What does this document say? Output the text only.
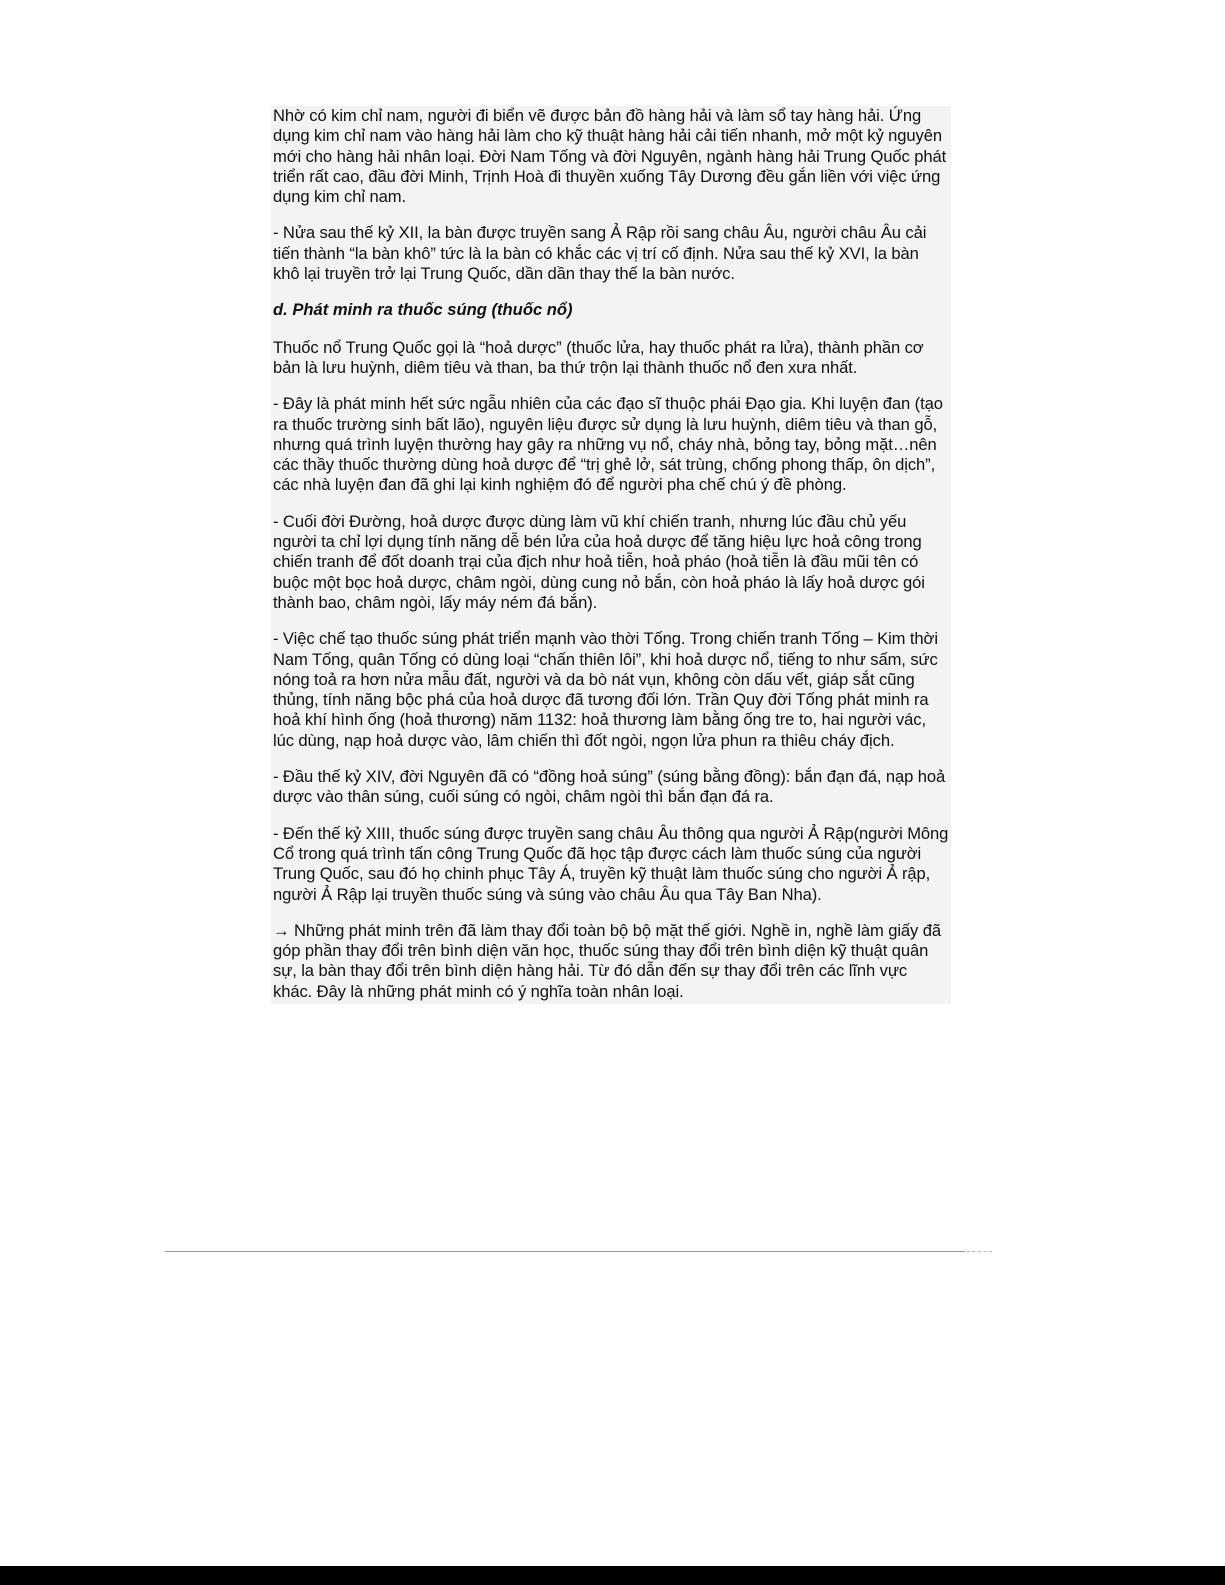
Nhờ có kim chỉ nam, người đi biển vẽ được bản đồ hàng hải và làm sổ tay hàng hải. Ứng dụng kim chỉ nam vào hàng hải làm cho kỹ thuật hàng hải cải tiến nhanh, mở một kỷ nguyên mới cho hàng hải nhân loại. Đời Nam Tống và đời Nguyên, ngành hàng hải Trung Quốc phát triển rất cao, đầu đời Minh, Trịnh Hoà đi thuyền xuống Tây Dương đều gắn liền với việc ứng dụng kim chỉ nam.

- Nửa sau thế kỷ XII, la bàn được truyền sang Ả Rập rồi sang châu Âu, người châu Âu cải tiến thành “la bàn khô” tức là la bàn có khắc các vị trí cố định. Nửa sau thế kỷ XVI, la bàn khô lại truyền trở lại Trung Quốc, dần dần thay thế la bàn nước.

d. Phát minh ra thuốc súng (thuốc nổ)

Thuốc nổ Trung Quốc gọi là “hoả dược” (thuốc lửa, hay thuốc phát ra lửa), thành phần cơ bản là lưu huỳnh, diêm tiêu và than, ba thứ trộn lại thành thuốc nổ đen xưa nhất.

- Đây là phát minh hết sức ngẫu nhiên của các đạo sĩ thuộc phái Đạo gia. Khi luyện đan (tạo ra thuốc trường sinh bất lão), nguyên liệu được sử dụng là lưu huỳnh, diêm tiêu và than gỗ, nhưng quá trình luyện thường hay gây ra những vụ nổ, cháy nhà, bỏng tay, bỏng mặt…nên các thầy thuốc thường dùng hoả dược để “trị ghẻ lở, sát trùng, chống phong thấp, ôn dịch”, các nhà luyện đan đã ghi lại kinh nghiệm đó để người pha chế chú ý đề phòng.

- Cuối đời Đường, hoả dược được dùng làm vũ khí chiến tranh, nhưng lúc đầu chủ yếu người ta chỉ lợi dụng tính năng dễ bén lửa của hoả dược để tăng hiệu lực hoả công trong chiến tranh để đốt doanh trại của địch như hoả tiễn, hoả pháo (hoả tiễn là đầu mũi tên có buộc một bọc hoả dược, châm ngòi, dùng cung nỏ bắn, còn hoả pháo là lấy hoả dược gói thành bao, châm ngòi, lấy máy ném đá bắn).

- Việc chế tạo thuốc súng phát triển mạnh vào thời Tống. Trong chiến tranh Tống – Kim thời Nam Tống, quân Tống có dùng loại “chấn thiên lôi”, khi hoả dược nổ, tiếng to như sấm, sức nóng toả ra hơn nửa mẫu đất, người và da bò nát vụn, không còn dấu vết, giáp sắt cũng thủng, tính năng bộc phá của hoả dược đã tương đối lớn. Trần Quy đời Tống phát minh ra hoả khí hình ống (hoả thương) năm 1132: hoả thương làm bằng ống tre to, hai người vác, lúc dùng, nạp hoả dược vào, lâm chiến thì đốt ngòi, ngọn lửa phun ra thiêu cháy địch.

- Đầu thế kỷ XIV, đời Nguyên đã có “đồng hoả súng” (súng bằng đồng): bắn đạn đá, nạp hoả dược vào thân súng, cuối súng có ngòi, châm ngòi thì bắn đạn đá ra.

- Đến thế kỷ XIII, thuốc súng được truyền sang châu Âu thông qua người Ả Rập(người Mông Cổ trong quá trình tấn công Trung Quốc đã học tập được cách làm thuốc súng của người Trung Quốc, sau đó họ chinh phục Tây Á, truyền kỹ thuật làm thuốc súng cho người Ả rập, người Ả Rập lại truyền thuốc súng và súng vào châu Âu qua Tây Ban Nha).

→ Những phát minh trên đã làm thay đổi toàn bộ bộ mặt thế giới. Nghề in, nghề làm giấy đã góp phần thay đổi trên bình diện văn học, thuốc súng thay đổi trên bình diện kỹ thuật quân sự, la bàn thay đổi trên bình diện hàng hải. Từ đó dẫn đến sự thay đổi trên các lĩnh vực khác. Đây là những phát minh có ý nghĩa toàn nhân loại.
